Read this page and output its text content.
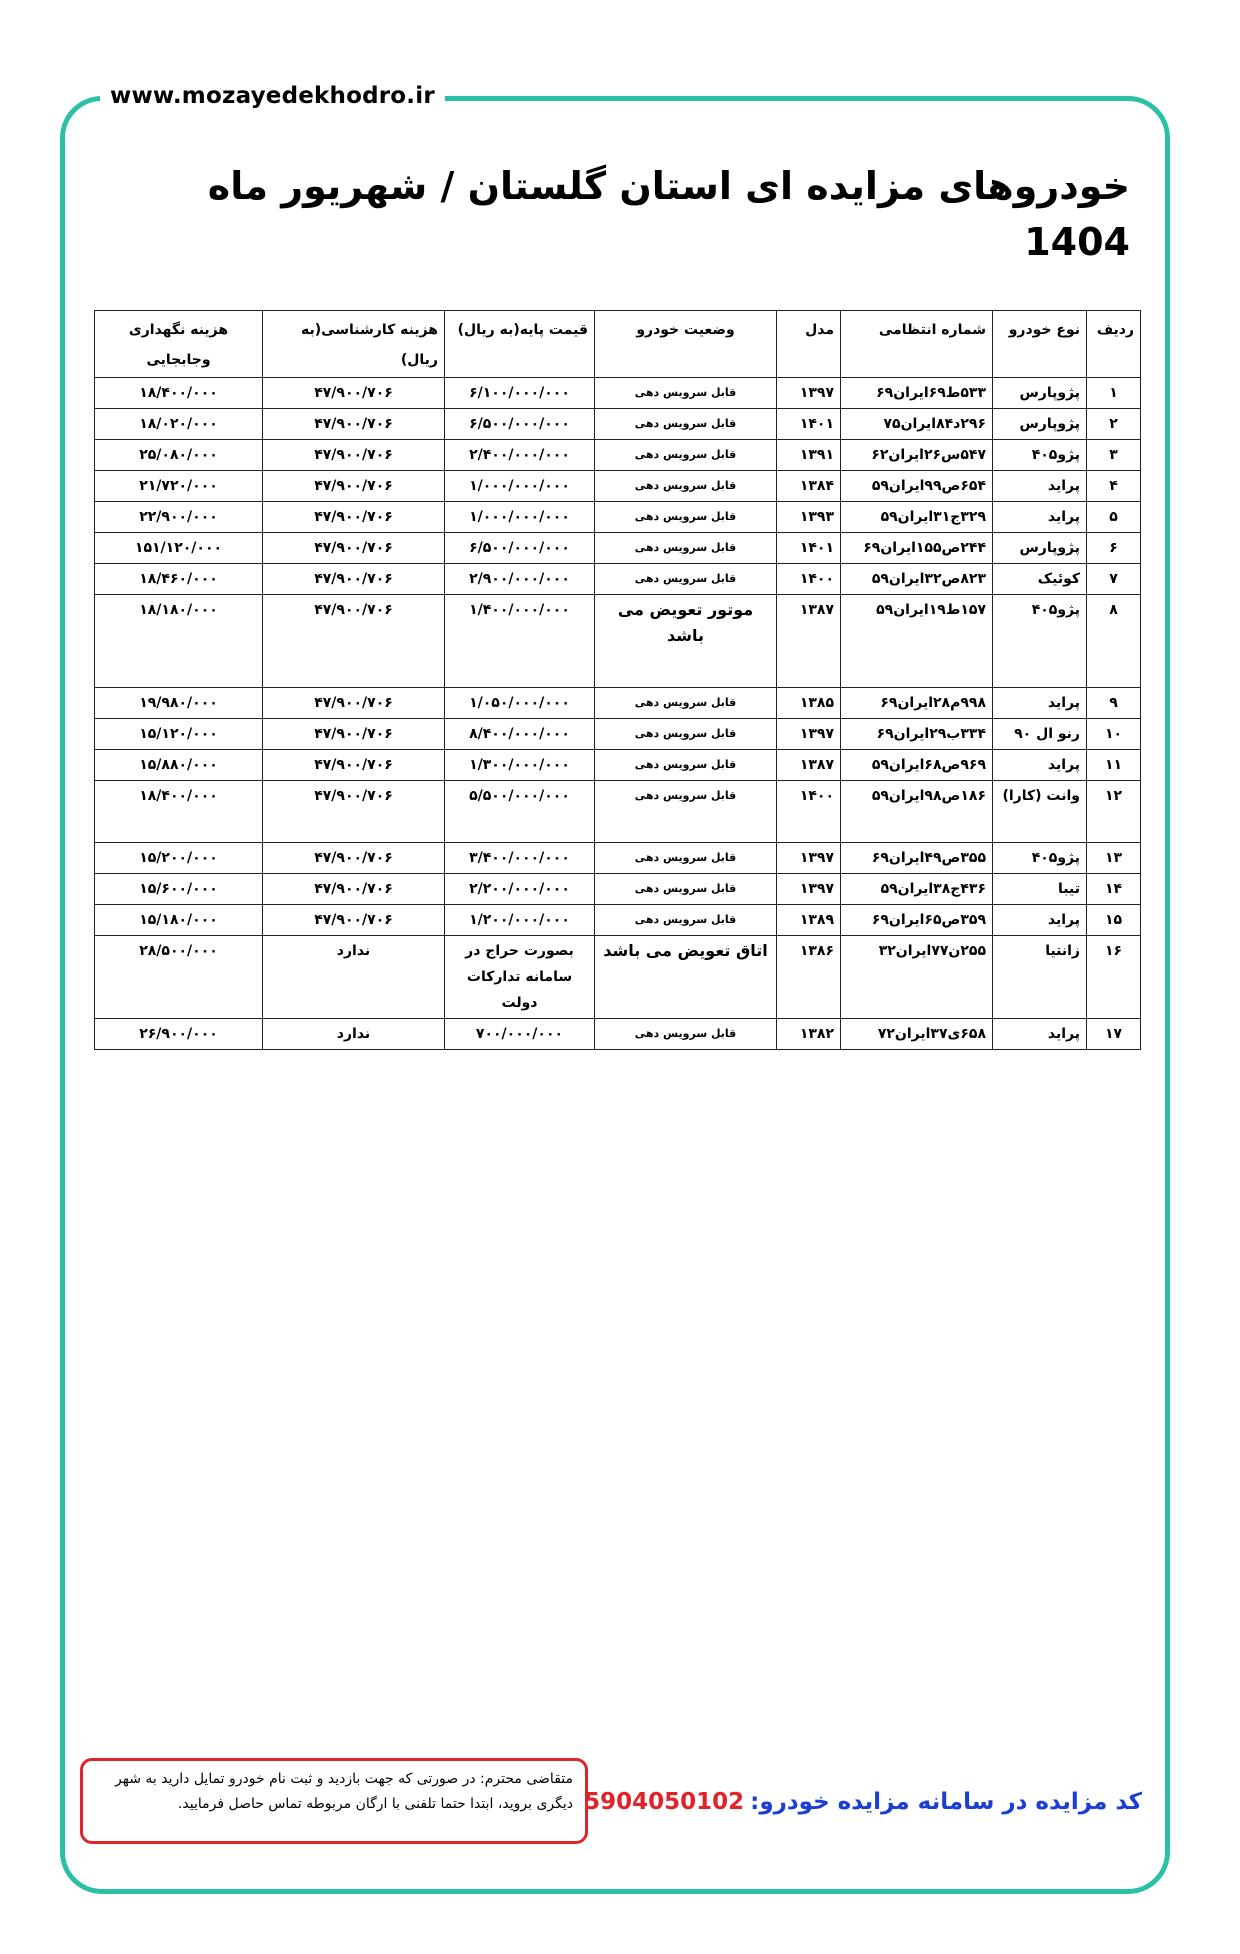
www.mozayedekhodro.ir
خودروهای مزایده ای استان گلستان / شهریور ماه 1404
ردیف	نوع خودرو	شماره انتظامی	مدل	وضعیت خودرو	قیمت پایه(به ریال)	هزینه کارشناسی(به ریال)	هزینه نگهداری وجابجایی
۱	پژوپارس	۵۳۳ط۶۹ایران۶۹	۱۳۹۷	قابل سرویس دهی	۶/۱۰۰/۰۰۰/۰۰۰	۴۷/۹۰۰/۷۰۶	۱۸/۴۰۰/۰۰۰
۲	پژوپارس	۲۹۶د۸۴ایران۷۵	۱۴۰۱	قابل سرویس دهی	۶/۵۰۰/۰۰۰/۰۰۰	۴۷/۹۰۰/۷۰۶	۱۸/۰۲۰/۰۰۰
۳	پژو۴۰۵	۵۴۷س۲۶ایران۶۲	۱۳۹۱	قابل سرویس دهی	۲/۴۰۰/۰۰۰/۰۰۰	۴۷/۹۰۰/۷۰۶	۲۵/۰۸۰/۰۰۰
۴	پراید	۶۵۴ص۹۹ایران۵۹	۱۳۸۴	قابل سرویس دهی	۱/۰۰۰/۰۰۰/۰۰۰	۴۷/۹۰۰/۷۰۶	۲۱/۷۲۰/۰۰۰
۵	پراید	۳۲۹ج۳۱ایران۵۹	۱۳۹۳	قابل سرویس دهی	۱/۰۰۰/۰۰۰/۰۰۰	۴۷/۹۰۰/۷۰۶	۲۲/۹۰۰/۰۰۰
۶	پژوپارس	۲۴۴ص۱۵۵ایران۶۹	۱۴۰۱	قابل سرویس دهی	۶/۵۰۰/۰۰۰/۰۰۰	۴۷/۹۰۰/۷۰۶	۱۵۱/۱۲۰/۰۰۰
۷	کوئیک	۸۲۳ص۳۲ایران۵۹	۱۴۰۰	قابل سرویس دهی	۲/۹۰۰/۰۰۰/۰۰۰	۴۷/۹۰۰/۷۰۶	۱۸/۴۶۰/۰۰۰
۸	پژو۴۰۵	۱۵۷ط۱۹ایران۵۹	۱۳۸۷	موتور تعویض می باشد	۱/۴۰۰/۰۰۰/۰۰۰	۴۷/۹۰۰/۷۰۶	۱۸/۱۸۰/۰۰۰
۹	پراید	۹۹۸م۲۸ایران۶۹	۱۳۸۵	قابل سرویس دهی	۱/۰۵۰/۰۰۰/۰۰۰	۴۷/۹۰۰/۷۰۶	۱۹/۹۸۰/۰۰۰
۱۰	رنو ال ۹۰	۳۳۴ب۲۹ایران۶۹	۱۳۹۷	قابل سرویس دهی	۸/۴۰۰/۰۰۰/۰۰۰	۴۷/۹۰۰/۷۰۶	۱۵/۱۲۰/۰۰۰
۱۱	پراید	۹۶۹ص۶۸ایران۵۹	۱۳۸۷	قابل سرویس دهی	۱/۳۰۰/۰۰۰/۰۰۰	۴۷/۹۰۰/۷۰۶	۱۵/۸۸۰/۰۰۰
۱۲	وانت (کارا)	۱۸۶ص۹۸ایران۵۹	۱۴۰۰	قابل سرویس دهی	۵/۵۰۰/۰۰۰/۰۰۰	۴۷/۹۰۰/۷۰۶	۱۸/۴۰۰/۰۰۰
۱۳	پژو۴۰۵	۳۵۵ص۴۹ایران۶۹	۱۳۹۷	قابل سرویس دهی	۳/۴۰۰/۰۰۰/۰۰۰	۴۷/۹۰۰/۷۰۶	۱۵/۲۰۰/۰۰۰
۱۴	تیبا	۴۳۶ج۳۸ایران۵۹	۱۳۹۷	قابل سرویس دهی	۲/۲۰۰/۰۰۰/۰۰۰	۴۷/۹۰۰/۷۰۶	۱۵/۶۰۰/۰۰۰
۱۵	پراید	۳۵۹ص۶۵ایران۶۹	۱۳۸۹	قابل سرویس دهی	۱/۲۰۰/۰۰۰/۰۰۰	۴۷/۹۰۰/۷۰۶	۱۵/۱۸۰/۰۰۰
۱۶	زانتیا	۲۵۵ن۷۷ایران۳۲	۱۳۸۶	اتاق تعویض می باشد	بصورت حراج در سامانه تدارکات دولت	ندارد	۲۸/۵۰۰/۰۰۰
۱۷	پراید	۶۵۸ی۳۷ایران۷۲	۱۳۸۲	قابل سرویس دهی	۷۰۰/۰۰۰/۰۰۰	ندارد	۲۶/۹۰۰/۰۰۰
متقاضی محترم: در صورتی که جهت بازدید و ثبت نام خودرو تمایل دارید به شهر دیگری بروید، ابتدا حتما تلفنی با ارگان مربوطه تماس حاصل فرمایید.	کد مزایده در سامانه مزایده خودرو:5904050102
